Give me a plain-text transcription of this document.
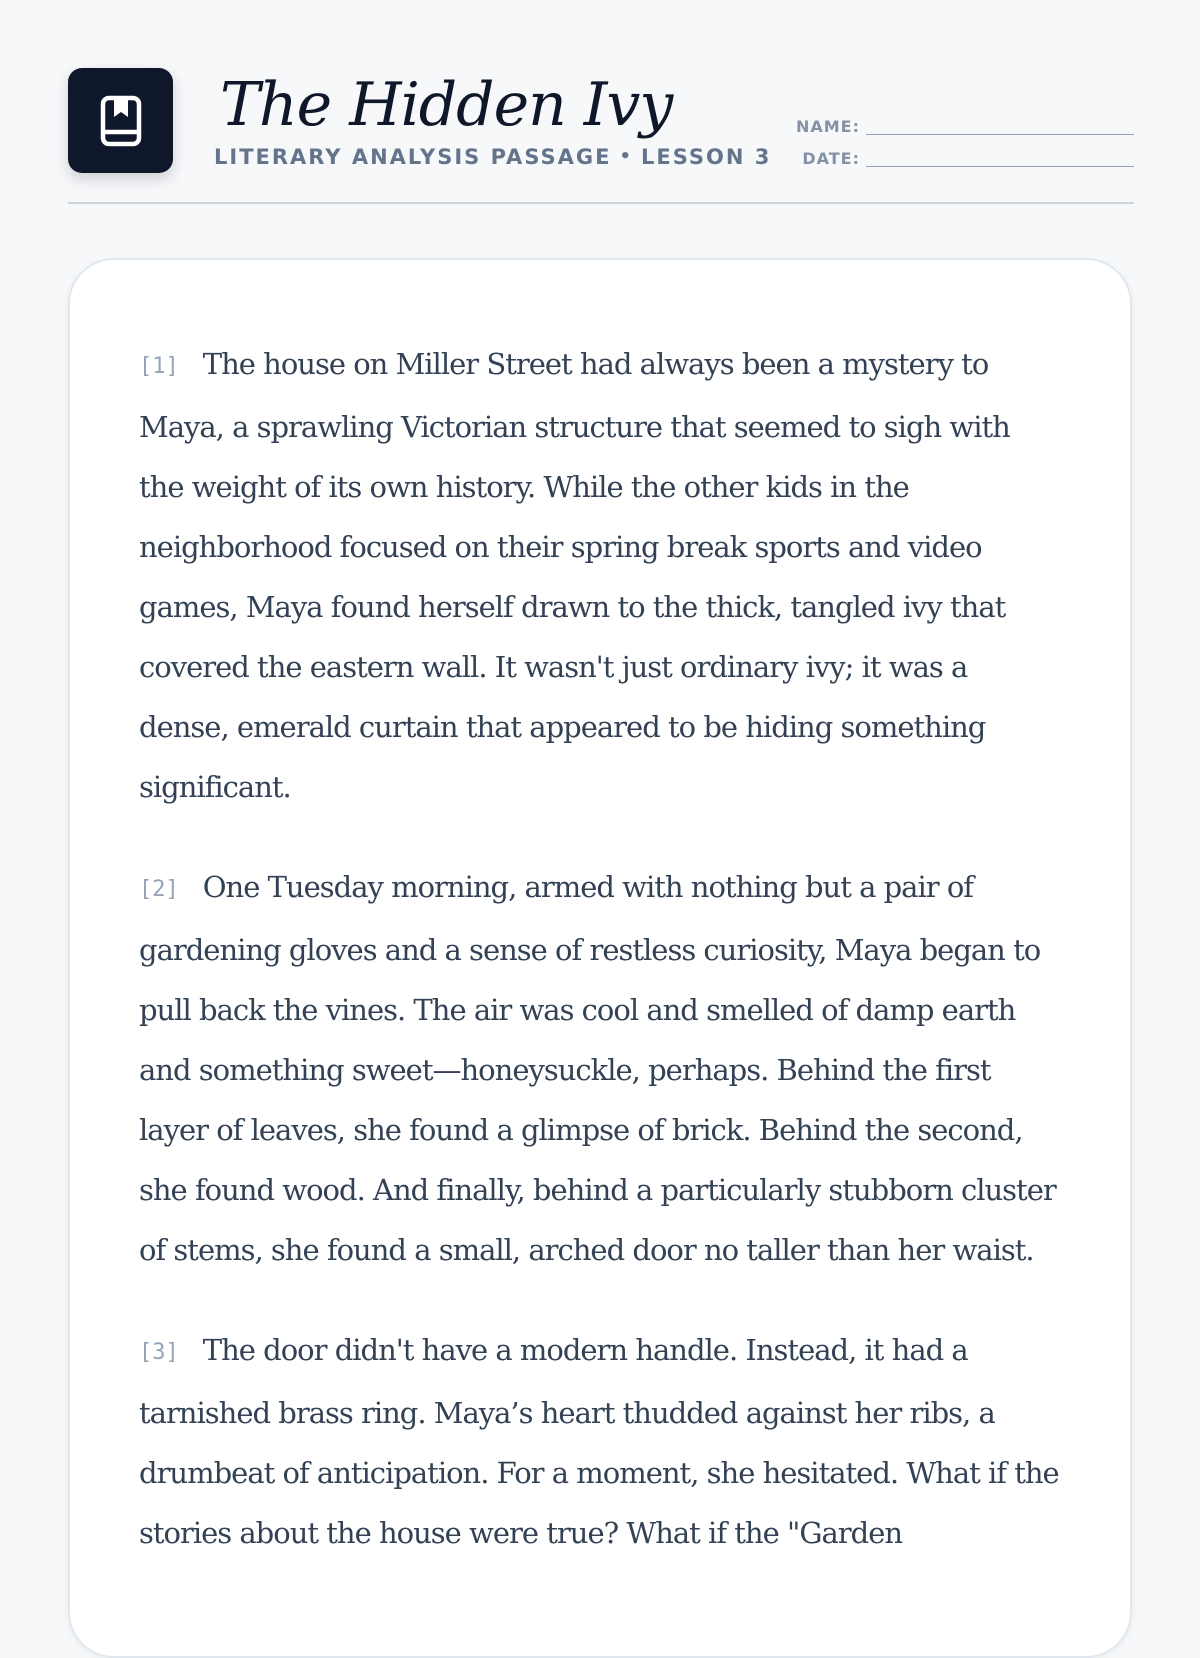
The Hidden Ivy
LITERARY ANALYSIS PASSAGE • LESSON 3
NAME:
DATE:

[1] The house on Miller Street had always been a mystery to Maya, a sprawling Victorian structure that seemed to sigh with the weight of its own history. While the other kids in the neighborhood focused on their spring break sports and video games, Maya found herself drawn to the thick, tangled ivy that covered the eastern wall. It wasn't just ordinary ivy; it was a dense, emerald curtain that appeared to be hiding something significant.

[2] One Tuesday morning, armed with nothing but a pair of gardening gloves and a sense of restless curiosity, Maya began to pull back the vines. The air was cool and smelled of damp earth and something sweet—honeysuckle, perhaps. Behind the first layer of leaves, she found a glimpse of brick. Behind the second, she found wood. And finally, behind a particularly stubborn cluster of stems, she found a small, arched door no taller than her waist.

[3] The door didn't have a modern handle. Instead, it had a tarnished brass ring. Maya’s heart thudded against her ribs, a drumbeat of anticipation. For a moment, she hesitated. What if the stories about the house were true? What if the "Garden
